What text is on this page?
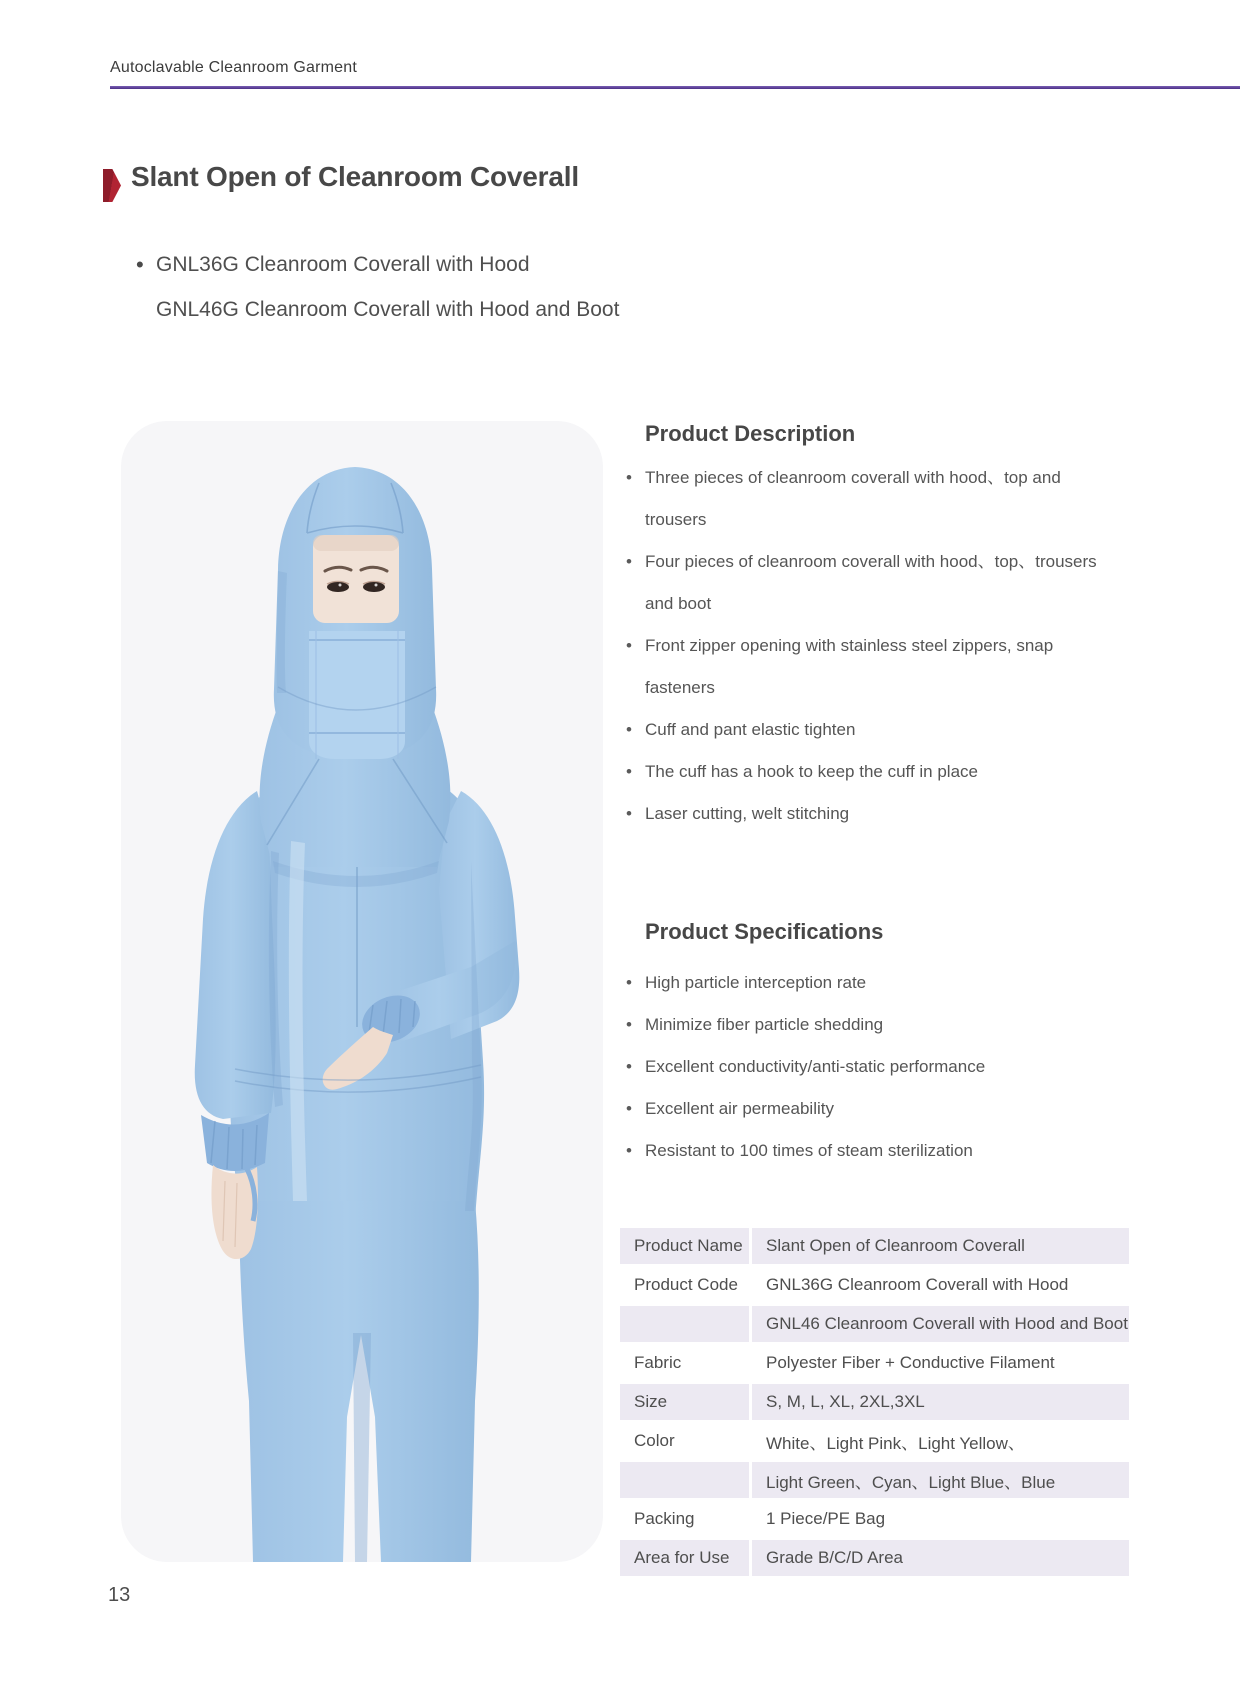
Autoclavable Cleanroom Garment
Slant Open of Cleanroom Coverall
• GNL36G Cleanroom Coverall with Hood
GNL46G Cleanroom Coverall with Hood and Boot
Product Description
• Three pieces of cleanroom coverall with hood、top and trousers
• Four pieces of cleanroom coverall with hood、top、trousers and boot
• Front zipper opening with stainless steel zippers, snap fasteners
• Cuff and pant elastic tighten
• The cuff has a hook to keep the cuff in place
• Laser cutting, welt stitching
Product Specifications
• High particle interception rate
• Minimize fiber particle shedding
• Excellent conductivity/anti-static performance
• Excellent air permeability
• Resistant to 100 times of steam sterilization
Product Name	Slant Open of Cleanroom Coverall
Product Code	GNL36G Cleanroom Coverall with Hood
	GNL46 Cleanroom Coverall with Hood and Boot
Fabric	Polyester Fiber + Conductive Filament
Size	S, M, L, XL, 2XL,3XL
Color	White、Light Pink、Light Yellow、
	Light Green、Cyan、Light Blue、Blue
Packing	1 Piece/PE Bag
Area for Use	Grade B/C/D Area
13
